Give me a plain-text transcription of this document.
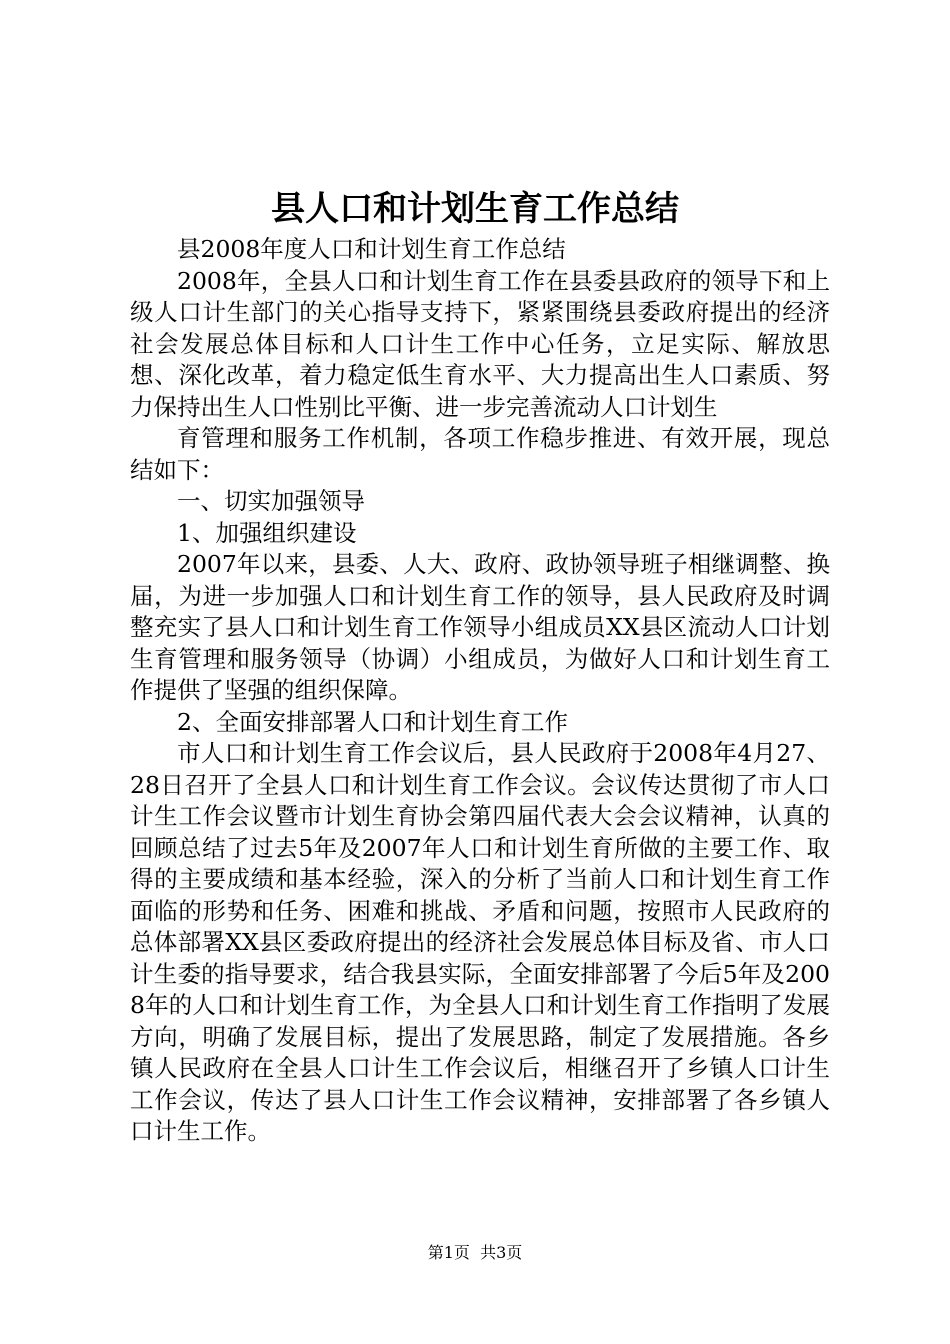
县人口和计划生育工作总结

县2008年度人口和计划生育工作总结

2008年，全县人口和计划生育工作在县委县政府的领导下和上级人口计生部门的关心指导支持下，紧紧围绕县委政府提出的经济社会发展总体目标和人口计生工作中心任务，立足实际、解放思想、深化改革，着力稳定低生育水平、大力提高出生人口素质、努力保持出生人口性别比平衡、进一步完善流动人口计划生

育管理和服务工作机制，各项工作稳步推进、有效开展，现总结如下：

一、切实加强领导

1、加强组织建设

2007年以来，县委、人大、政府、政协领导班子相继调整、换届，为进一步加强人口和计划生育工作的领导，县人民政府及时调整充实了县人口和计划生育工作领导小组成员XX县区流动人口计划生育管理和服务领导（协调）小组成员，为做好人口和计划生育工作提供了坚强的组织保障。

2、全面安排部署人口和计划生育工作

市人口和计划生育工作会议后，县人民政府于2008年4月27、28日召开了全县人口和计划生育工作会议。会议传达贯彻了市人口计生工作会议暨市计划生育协会第四届代表大会会议精神，认真的回顾总结了过去5年及2007年人口和计划生育所做的主要工作、取得的主要成绩和基本经验，深入的分析了当前人口和计划生育工作面临的形势和任务、困难和挑战、矛盾和问题，按照市人民政府的总体部署XX县区委政府提出的经济社会发展总体目标及省、市人口计生委的指导要求，结合我县实际，全面安排部署了今后5年及2008年的人口和计划生育工作，为全县人口和计划生育工作指明了发展方向，明确了发展目标，提出了发展思路，制定了发展措施。各乡镇人民政府在全县人口计生工作会议后，相继召开了乡镇人口计生工作会议，传达了县人口计生工作会议精神，安排部署了各乡镇人口计生工作。

第1页  共3页
